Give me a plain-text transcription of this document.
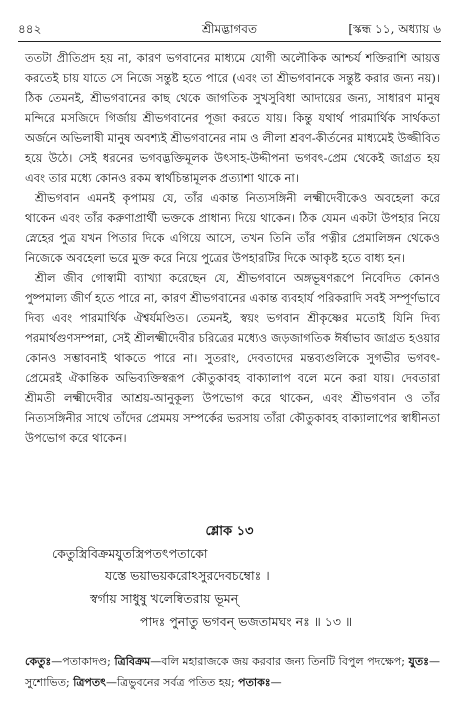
৪৪২	শ্রীমদ্ভাগবত	[স্কন্ধ ১১, অধ্যায় ৬

ততটা প্রীতিপ্রদ হয় না, কারণ ভগবানের মাধ্যমে যোগী অলৌকিক আশ্চর্য শক্তিরাশি আয়ত্ত করতেই চায় যাতে সে নিজে সন্তুষ্ট হতে পারে (এবং তা শ্রীভগবানকে সন্তুষ্ট করার জন্য নয়)। ঠিক তেমনই, শ্রীভগবানের কাছ থেকে জাগতিক সুখসুবিধা আদায়ের জন্য, সাধারণ মানুষ মন্দিরে মসজিদে গির্জায় শ্রীভগবানের পূজা করতে যায়। কিন্তু যথার্থ পারমার্থিক সার্থকতা অর্জনে অভিলাষী মানুষ অবশ্যই শ্রীভগবানের নাম ও লীলা শ্রবণ-কীর্তনের মাধ্যমেই উজ্জীবিত হয়ে উঠে। সেই ধরনের ভগবদ্ভক্তিমূলক উৎসাহ-উদ্দীপনা ভগবৎ-প্রেম থেকেই জাগ্রত হয় এবং তার মধ্যে কোনও রকম স্বার্থচিন্তামূলক প্রত্যাশা থাকে না।

শ্রীভগবান এমনই কৃপাময় যে, তাঁর একান্ত নিত্যসঙ্গিনী লক্ষ্মীদেবীকেও অবহেলা করে থাকেন এবং তাঁর করুণাপ্রার্থী ভক্তকে প্রাধান্য দিয়ে থাকেন। ঠিক যেমন একটা উপহার নিয়ে স্নেহের পুত্র যখন পিতার দিকে এগিয়ে আসে, তখন তিনি তাঁর পত্নীর প্রেমালিঙ্গন থেকেও নিজেকে অবহেলা ভরে মুক্ত করে নিয়ে পুত্রের উপহারটির দিকে আকৃষ্ট হতে বাধ্য হন।

শ্রীল জীব গোস্বামী ব্যাখ্যা করেছেন যে, শ্রীভগবানে অঙ্গভূষণরূপে নিবেদিত কোনও পুষ্পমাল্য জীর্ণ হতে পারে না, কারণ শ্রীভগবানের একান্ত ব্যবহার্য পরিকরাদি সবই সম্পূর্ণভাবে দিব্য এবং পারমার্থিক ঐশ্বর্যমণ্ডিত। তেমনই, স্বয়ং ভগবান শ্রীকৃষ্ণের মতোই যিনি দিব্য পরমার্থগুণসম্পন্না, সেই শ্রীলক্ষ্মীদেবীর চরিত্রের মধ্যেও জড়জাগতিক ঈর্ষাভাব জাগ্রত হওয়ার কোনও সম্ভাবনাই থাকতে পারে না। সুতরাং, দেবতাদের মন্তব্যগুলিকে সুগভীর ভগবৎ-প্রেমেরই ঐকান্তিক অভিব্যক্তিস্বরূপ কৌতুকাবহ বাক্যালাপ বলে মনে করা যায়। দেবতারা শ্রীমতী লক্ষ্মীদেবীর আশ্রয়-আনুকূল্য উপভোগ করে থাকেন, এবং শ্রীভগবান ও তাঁর নিত্যসঙ্গিনীর সাথে তাঁদের প্রেমময় সম্পর্কের ভরসায় তাঁরা কৌতুকাবহ বাক্যালাপের স্বাধীনতা উপভোগ করে থাকেন।

শ্লোক ১৩
কেতুস্ত্রিবিক্রমযুতস্ত্রিপতৎপতাকো
যস্তে ভয়াভয়করোঽসুরদেবচম্বোঃ ।
স্বর্গায় সাধুষু খলেষ্বিতরায় ভূমন্
পাদঃ পুনাতু ভগবন্ ভজতামঘং নঃ ॥ ১৩ ॥
কেতুঃ—পতাকাদণ্ড; ত্রিবিক্রম—বলি মহারাজকে জয় করবার জন্য তিনটি বিপুল পদক্ষেপ; যুতঃ—সুশোভিত; ত্রিপতৎ—ত্রিভুবনের সর্বত্র পতিত হয়; পতাকঃ—
